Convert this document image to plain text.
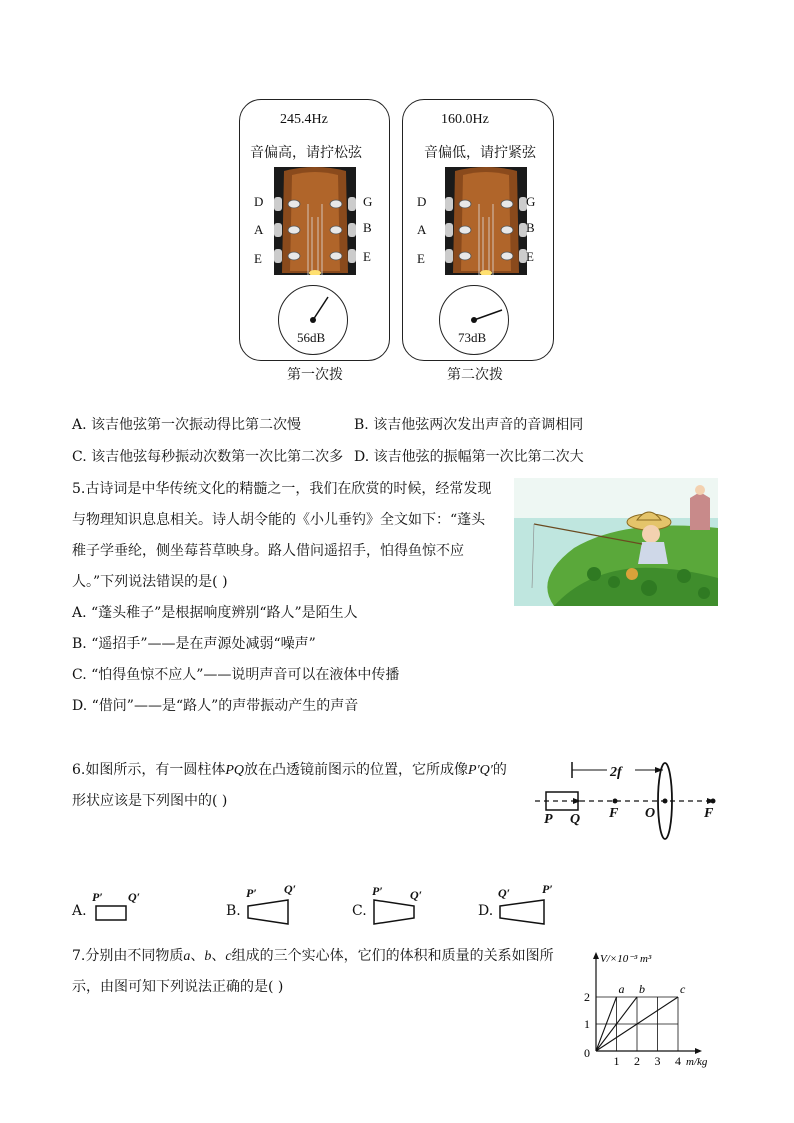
245.4Hz
音偏高，请拧松弦
D
A
E
G
B
E
56dB
第一次拨
160.0Hz
音偏低，请拧紧弦
D
A
E
G
B
E
73dB
第二次拨
A. 该吉他弦第一次振动得比第二次慢	B. 该吉他弦两次发出声音的音调相同
C. 该吉他弦每秒振动次数第一次比第二次多 D. 该吉他弦的振幅第一次比第二次大
5.古诗词是中华传统文化的精髓之一，我们在欣赏的时候，经常发现
与物理知识息息相关。诗人胡令能的《小儿垂钓》全文如下：“蓬头
稚子学垂纶，侧坐莓苔草映身。路人借问遥招手，怕得鱼惊不应
人。”下列说法错误的是( )
A. “蓬头稚子”是根据响度辨别“路人”是陌生人
B. “遥招手”——是在声源处减弱“噪声”
C. “怕得鱼惊不应人”——说明声音可以在液体中传播
D. “借问”——是“路人”的声带振动产生的声音
6.如图所示，有一圆柱体PQ放在凸透镜前图示的位置，它所成像P′Q′的
形状应该是下列图中的( )
2f
P Q F O	F
A.
P′ Q′
B.
P′ Q′
C.
P′ Q′
D.
Q′	P′
7.分别由不同物质a、b、c组成的三个实心体，它们的体积和质量的关系如图所
示，由图可知下列说法正确的是( )	a b	c
1 2 3 4
1
2
0
m/kg
V/×10⁻³ m³
